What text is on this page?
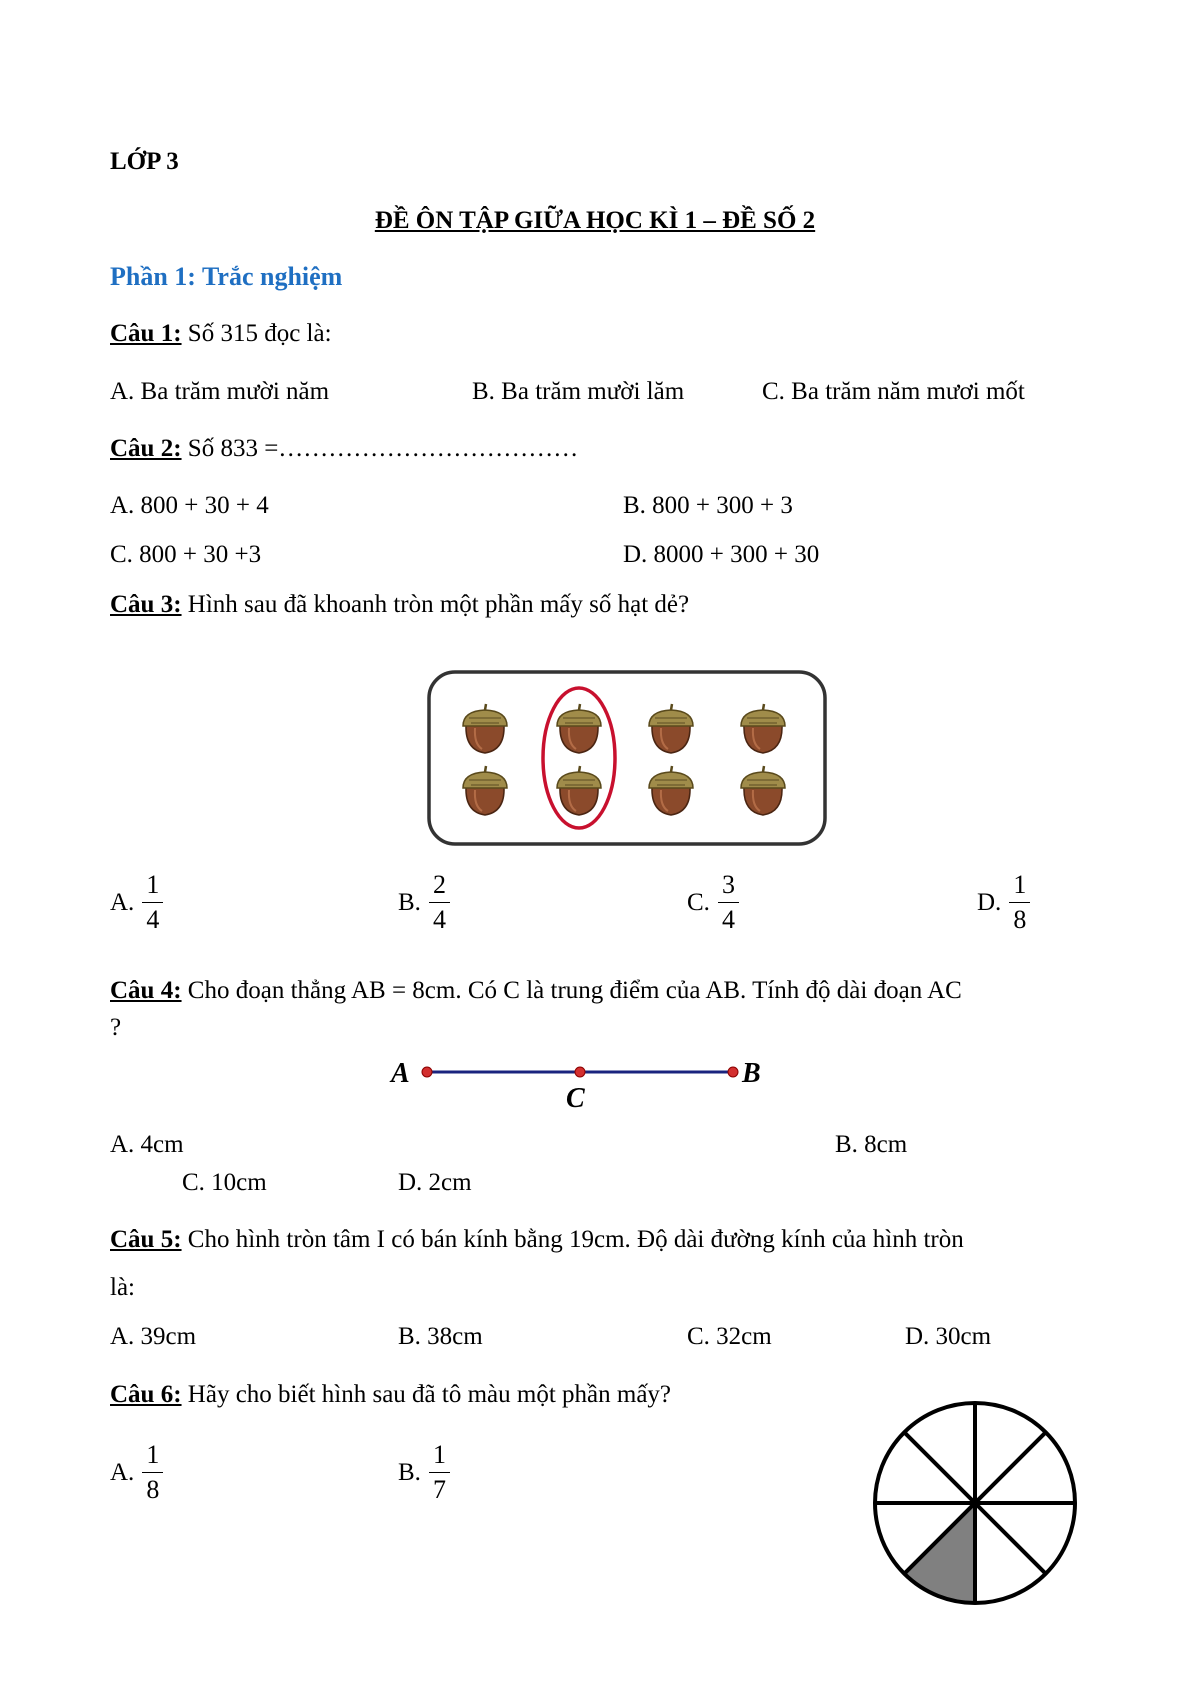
LỚP 3
ĐỀ ÔN TẬP GIỮA HỌC KÌ 1 – ĐỀ SỐ 2
Phần 1: Trắc nghiệm
Câu 1: Số 315 đọc là:
A. Ba trăm mười năm	B. Ba trăm mười lăm	C. Ba trăm năm mươi mốt
Câu 2: Số 833 =………………………………
A. 800 + 30 + 4	B. 800 + 300 + 3
C. 800 + 30 +3	D. 8000 + 300 + 30
Câu 3: Hình sau đã khoanh tròn một phần mấy số hạt dẻ?
A. $\frac{1}{4}$	B. $\frac{2}{4}$	C. $\frac{3}{4}$	D. $\frac{1}{8}$
Câu 4: Cho đoạn thẳng AB = 8cm. Có C là trung điểm của AB. Tính độ dài đoạn AC
?
A	B
C
A. 4cm	B. 8cm
C. 10cm	D. 2cm
Câu 5: Cho hình tròn tâm I có bán kính bằng 19cm. Độ dài đường kính của hình tròn
là:
A. 39cm	B. 38cm	C. 32cm	D. 30cm
Câu 6: Hãy cho biết hình sau đã tô màu một phần mấy?
A. $\frac{1}{8}$	B. $\frac{1}{7}$
